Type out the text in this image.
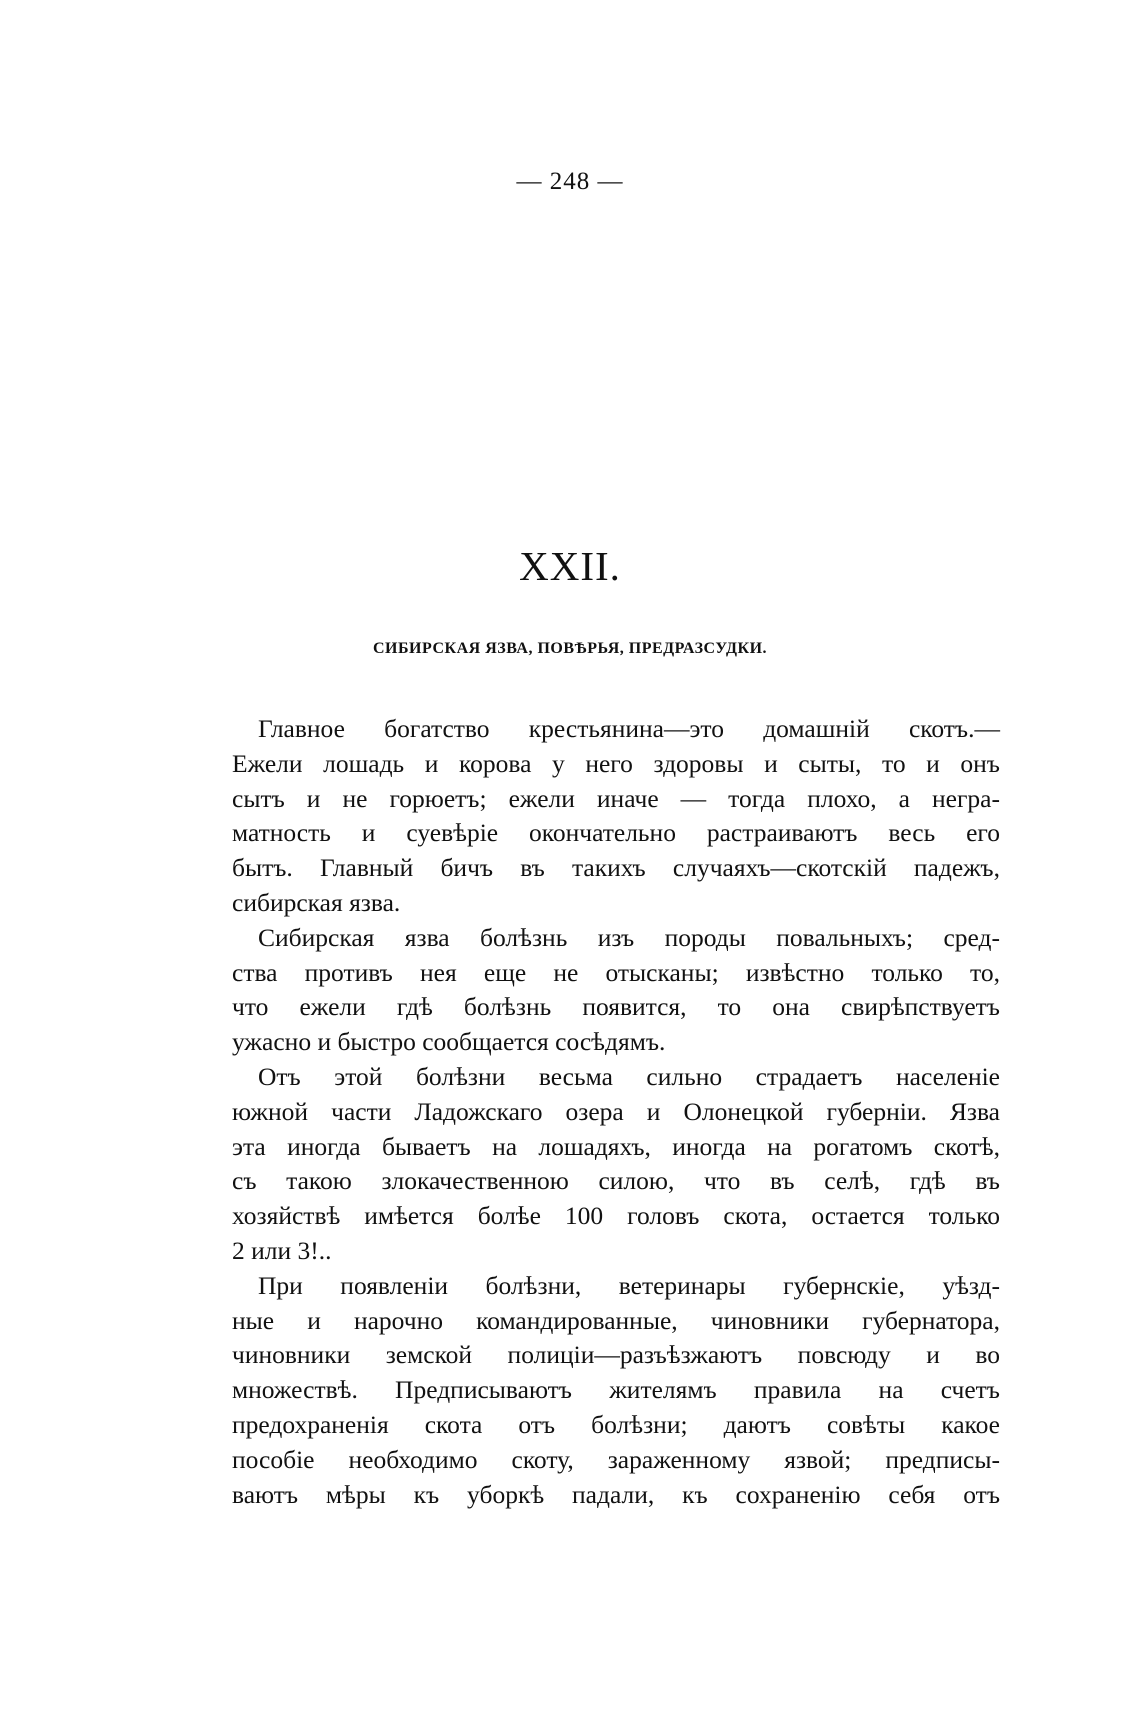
— 248 —
XXII.
СИБИРСКАЯ ЯЗВА, ПОВѢРЬЯ, ПРЕДРАЗСУДКИ.
Главное богатство крестьянина—это домашній скотъ.—
Ежели лошадь и корова у него здоровы и сыты, то и онъ
сытъ и не горюетъ; ежели иначе — тогда плохо, а негра-
матность и суевѣріе окончательно растраиваютъ весь его
бытъ. Главный бичъ въ такихъ случаяхъ—скотскій падежъ,
сибирская язва.
Сибирская язва болѣзнь изъ породы повальныхъ; сред-
ства противъ нея еще не отысканы; извѣстно только то,
что ежели гдѣ болѣзнь появится, то она свирѣпствуетъ
ужасно и быстро сообщается сосѣдямъ.
Отъ этой болѣзни весьма сильно страдаетъ населеніе
южной части Ладожскаго озера и Олонецкой губерніи. Язва
эта иногда бываетъ на лошадяхъ, иногда на рогатомъ скотѣ,
съ такою злокачественною силою, что въ селѣ, гдѣ въ
хозяйствѣ имѣется болѣе 100 головъ скота, остается только
2 или 3!..
При появленіи болѣзни, ветеринары губернскіе, уѣзд-
ные и нарочно командированные, чиновники губернатора,
чиновники земской полиціи—разъѣзжаютъ повсюду и во
множествѣ. Предписываютъ жителямъ правила на счетъ
предохраненія скота отъ болѣзни; даютъ совѣты какое
пособіе необходимо скоту, зараженному язвой; предписы-
ваютъ мѣры къ уборкѣ падали, къ сохраненію себя отъ
